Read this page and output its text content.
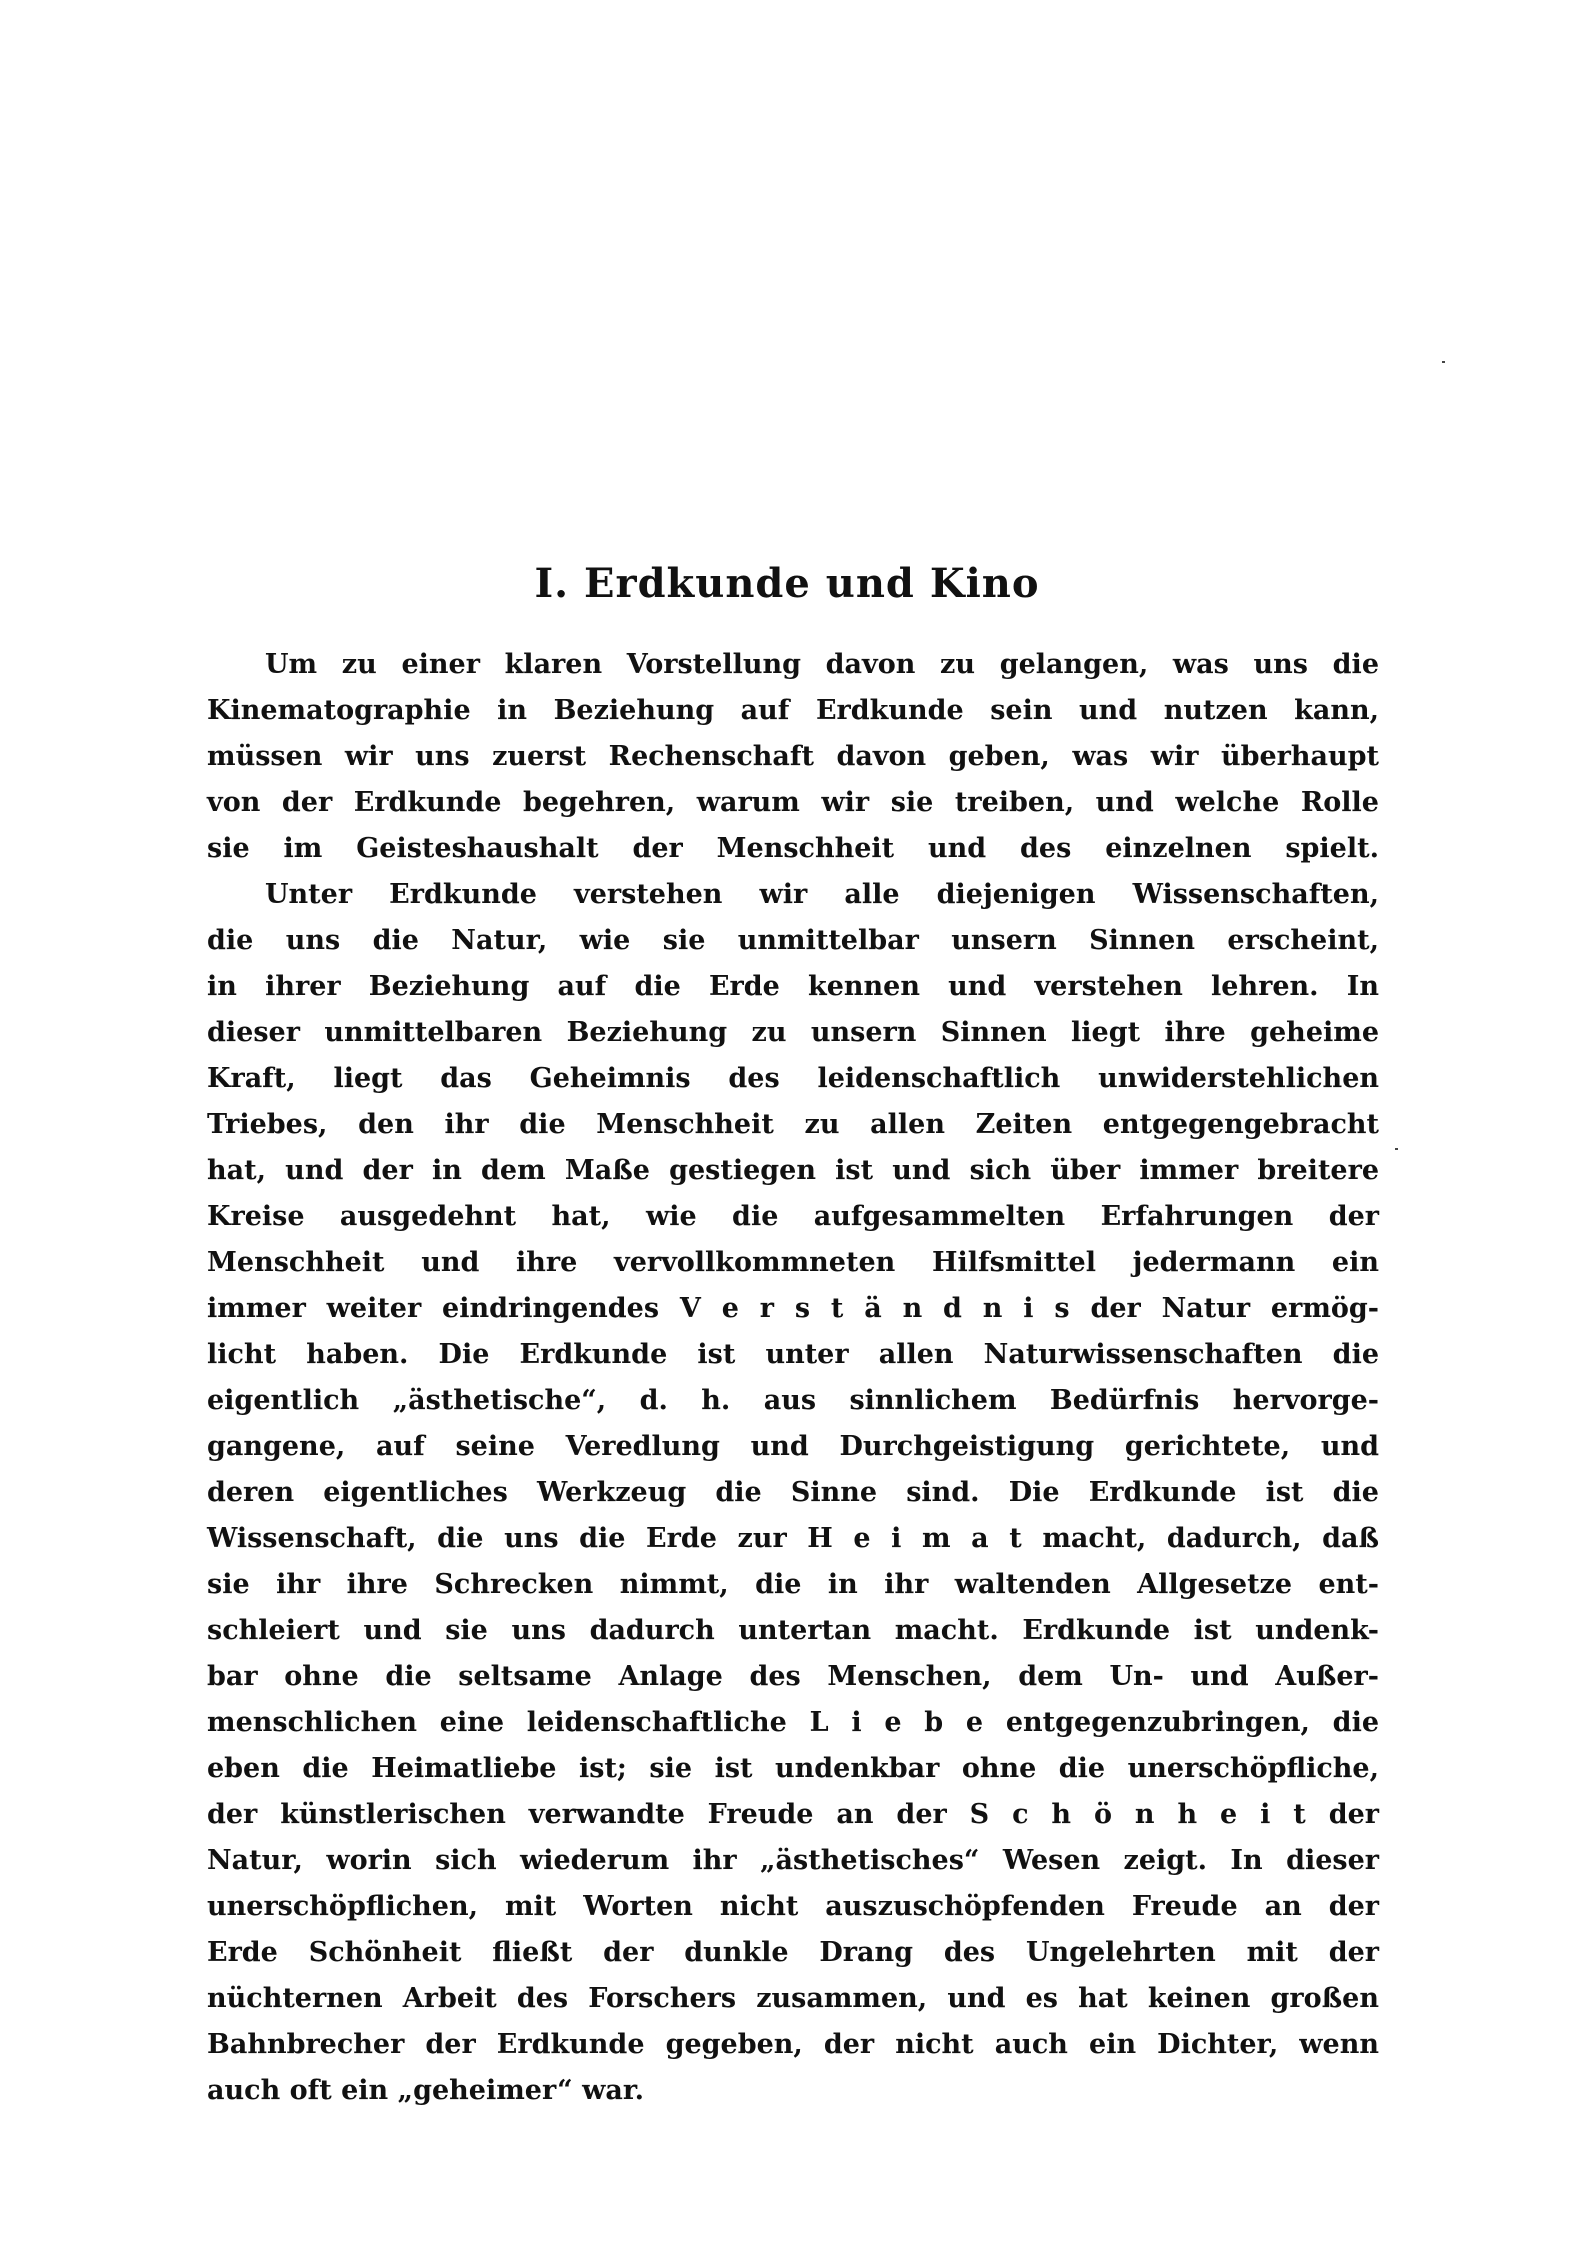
I. Erdkunde und Kino
Um zu einer klaren Vorstellung davon zu gelangen, was uns die
Kinematographie in Beziehung auf Erdkunde sein und nutzen kann,
müssen wir uns zuerst Rechenschaft davon geben, was wir überhaupt
von der Erdkunde begehren, warum wir sie treiben, und welche Rolle
sie im Geisteshaushalt der Menschheit und des einzelnen spielt.
Unter Erdkunde verstehen wir alle diejenigen Wissenschaften,
die uns die Natur, wie sie unmittelbar unsern Sinnen erscheint,
in ihrer Beziehung auf die Erde kennen und verstehen lehren. In
dieser unmittelbaren Beziehung zu unsern Sinnen liegt ihre geheime
Kraft, liegt das Geheimnis des leidenschaftlich unwiderstehlichen
Triebes, den ihr die Menschheit zu allen Zeiten entgegengebracht
hat, und der in dem Maße gestiegen ist und sich über immer breitere
Kreise ausgedehnt hat, wie die aufgesammelten Erfahrungen der
Menschheit und ihre vervollkommneten Hilfsmittel jedermann ein
immer weiter eindringendes V e r s t ä n d n i s der Natur ermög-
licht haben. Die Erdkunde ist unter allen Naturwissenschaften die
eigentlich „ästhetische“, d. h. aus sinnlichem Bedürfnis hervorge-
gangene, auf seine Veredlung und Durchgeistigung gerichtete, und
deren eigentliches Werkzeug die Sinne sind. Die Erdkunde ist die
Wissenschaft, die uns die Erde zur H e i m a t macht, dadurch, daß
sie ihr ihre Schrecken nimmt, die in ihr waltenden Allgesetze ent-
schleiert und sie uns dadurch untertan macht. Erdkunde ist undenk-
bar ohne die seltsame Anlage des Menschen, dem Un- und Außer-
menschlichen eine leidenschaftliche L i e b e entgegenzubringen, die
eben die Heimatliebe ist; sie ist undenkbar ohne die unerschöpfliche,
der künstlerischen verwandte Freude an der S c h ö n h e i t der
Natur, worin sich wiederum ihr „ästhetisches“ Wesen zeigt. In dieser
unerschöpflichen, mit Worten nicht auszuschöpfenden Freude an der
Erde Schönheit fließt der dunkle Drang des Ungelehrten mit der
nüchternen Arbeit des Forschers zusammen, und es hat keinen großen
Bahnbrecher der Erdkunde gegeben, der nicht auch ein Dichter, wenn
auch oft ein „geheimer“ war.
